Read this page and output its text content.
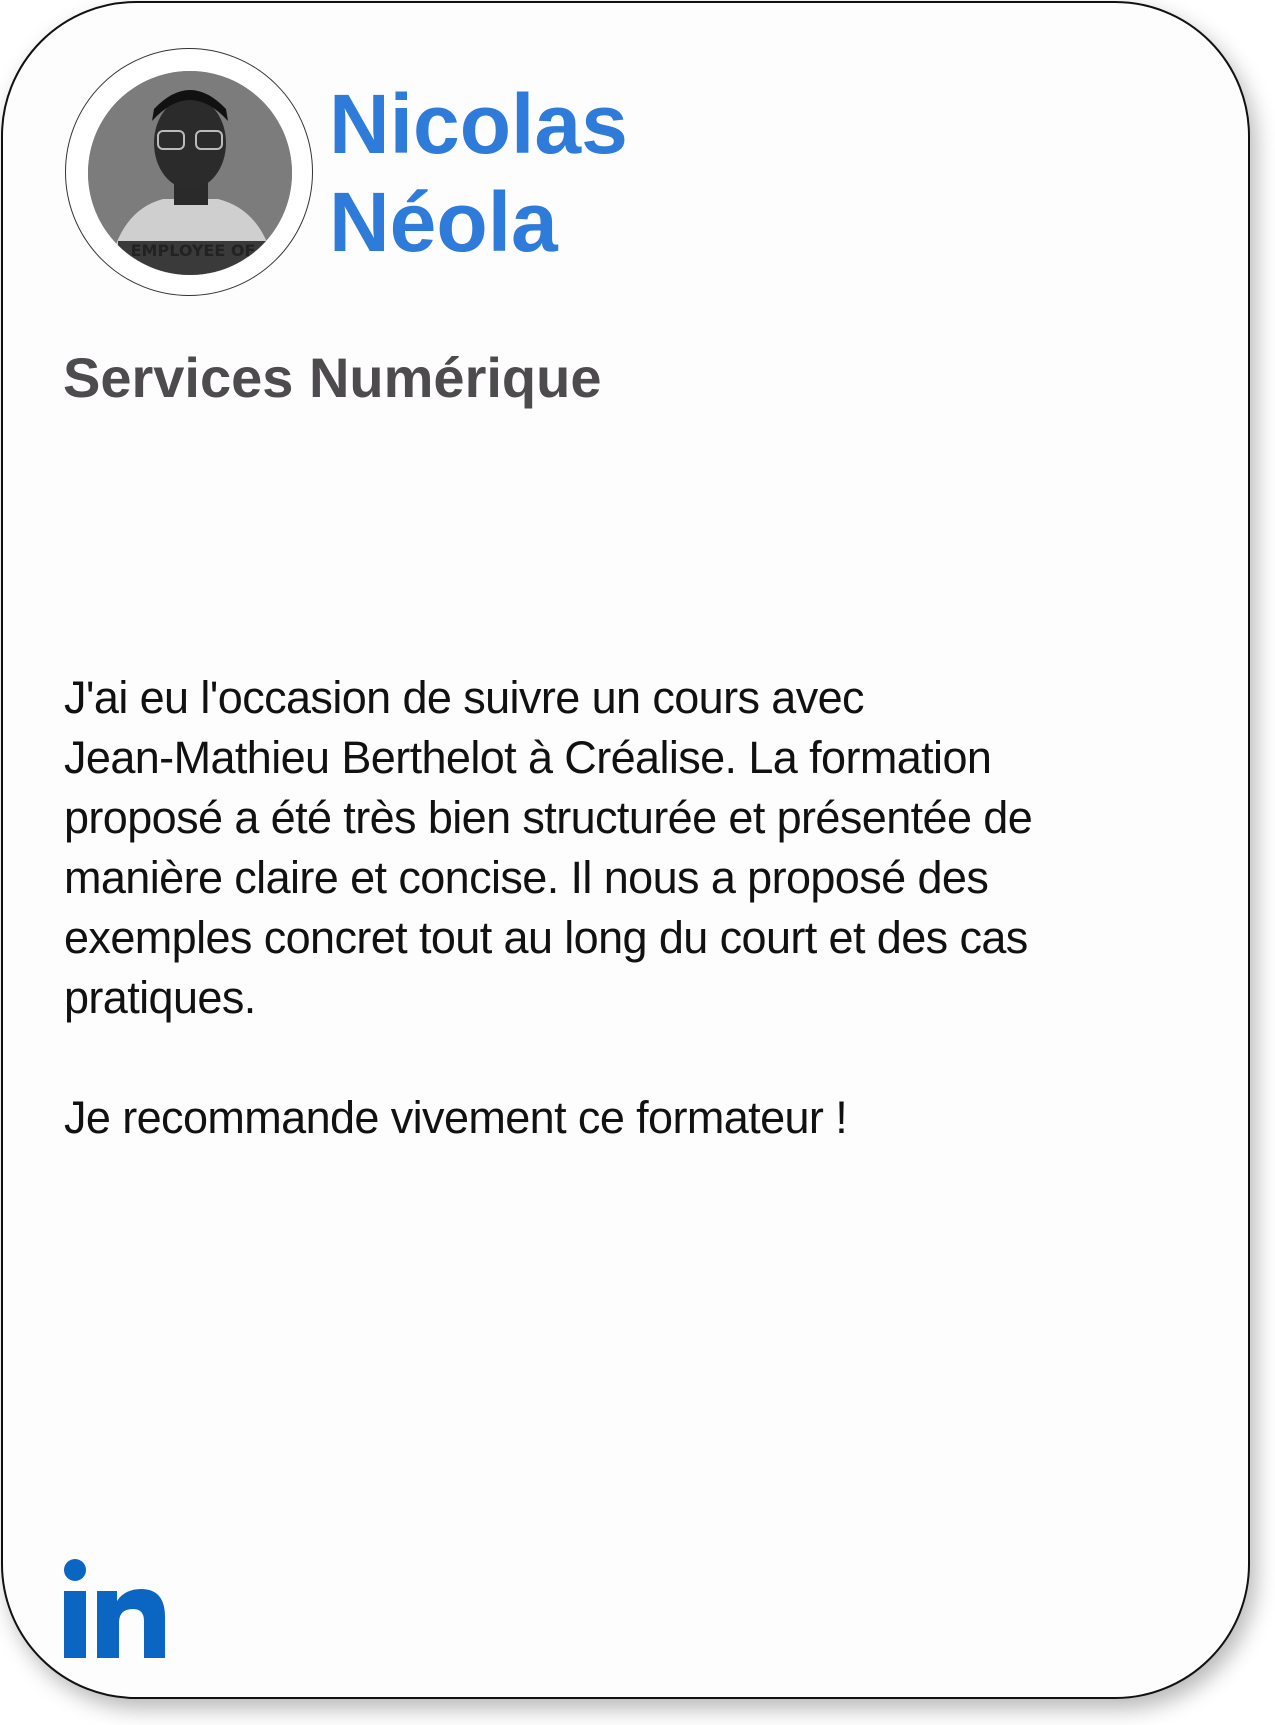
EMPLOYEE OF
Nicolas
Néola
Services Numérique
J'ai eu l'occasion de suivre un cours avec
Jean-Mathieu Berthelot à Créalise. La formation
proposé a été très bien structurée et présentée de
manière claire et concise. Il nous a proposé des
exemples concret tout au long du court et des cas
pratiques.
Je recommande vivement ce formateur !
